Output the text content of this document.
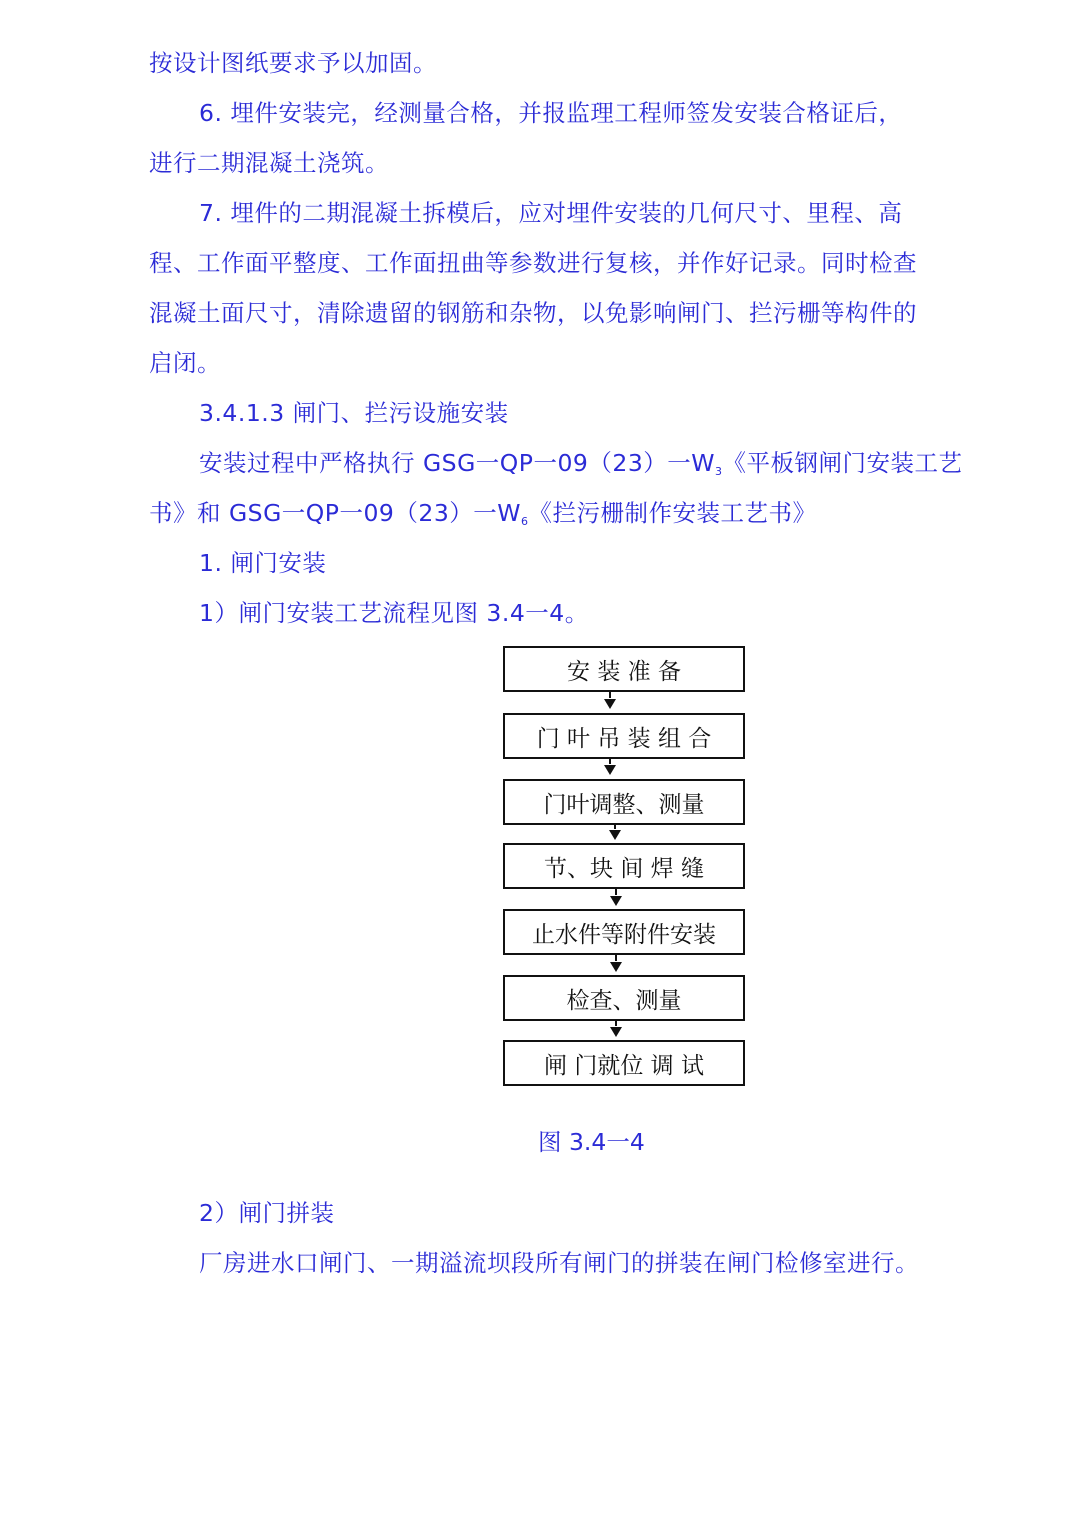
按设计图纸要求予以加固。
6. 埋件安装完，经测量合格，并报监理工程师签发安装合格证后，
进行二期混凝土浇筑。
7. 埋件的二期混凝土拆模后，应对埋件安装的几何尺寸、里程、高
程、工作面平整度、工作面扭曲等参数进行复核，并作好记录。同时检查
混凝土面尺寸，清除遗留的钢筋和杂物，以免影响闸门、拦污栅等构件的
启闭。
3.4.1.3 闸门、拦污设施安装
安装过程中严格执行 GSG一QP一09（23）一$W_3$《平板钢闸门安装工艺
书》和 GSG一QP一09（23）一$W_6$《拦污栅制作安装工艺书》
1. 闸门安装
1）闸门安装工艺流程见图 3.4一4。
安 装 准 备
门 叶 吊 装 组 合
门叶调整、测量
节、块 间 焊 缝
止水件等附件安装
检查、测量
闸 门就位 调 试
图 3.4一4
2）闸门拼装
厂房进水口闸门、一期溢流坝段所有闸门的拼装在闸门检修室进行。
